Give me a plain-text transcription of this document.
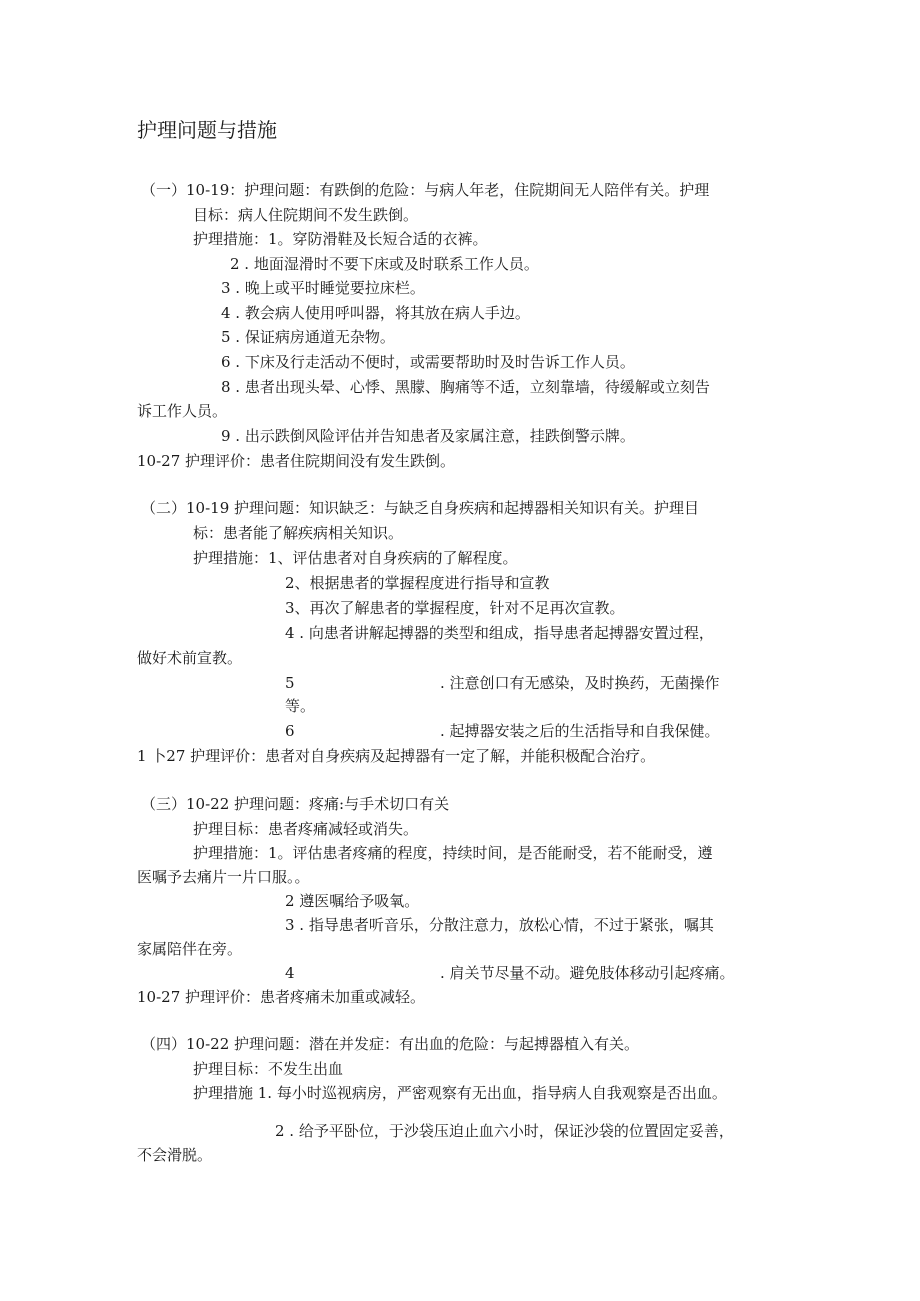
护理问题与措施
（一）10-19：护理问题：有跌倒的危险：与病人年老，住院期间无人陪伴有关。护理
目标：病人住院期间不发生跌倒。
护理措施：1。穿防滑鞋及长短合适的衣裤。
2 . 地面湿滑时不要下床或及时联系工作人员。
3 . 晚上或平时睡觉要拉床栏。
4 . 教会病人使用呼叫器，将其放在病人手边。
5 . 保证病房通道无杂物。
6 . 下床及行走活动不便时，或需要帮助时及时告诉工作人员。
8 . 患者出现头晕、心悸、黑朦、胸痛等不适，立刻靠墙，待缓解或立刻告
诉工作人员。
9 . 出示跌倒风险评估并告知患者及家属注意，挂跌倒警示牌。
10-27 护理评价：患者住院期间没有发生跌倒。
（二）10-19 护理问题：知识缺乏：与缺乏自身疾病和起搏器相关知识有关。护理目
标：患者能了解疾病相关知识。
护理措施：1、评估患者对自身疾病的了解程度。
2、根据患者的掌握程度进行指导和宣教
3、再次了解患者的掌握程度，针对不足再次宣教。
4 . 向患者讲解起搏器的类型和组成，指导患者起搏器安置过程，
做好术前宣教。
5	. 注意创口有无感染，及时换药，无菌操作
等。
6	. 起搏器安装之后的生活指导和自我保健。
1 卜27 护理评价：患者对自身疾病及起搏器有一定了解，并能积极配合治疗。
（三）10-22 护理问题：疼痛:与手术切口有关
护理目标：患者疼痛减轻或消失。
护理措施：1。评估患者疼痛的程度，持续时间，是否能耐受，若不能耐受，遵
医嘱予去痛片一片口服。。
2 遵医嘱给予吸氧。
3 . 指导患者听音乐，分散注意力，放松心情，不过于紧张，嘱其
家属陪伴在旁。
4	. 肩关节尽量不动。避免肢体移动引起疼痛。
10-27 护理评价：患者疼痛未加重或减轻。
（四）10-22 护理问题：潜在并发症：有出血的危险：与起搏器植入有关。
护理目标：不发生出血
护理措施 1. 每小时巡视病房，严密观察有无出血，指导病人自我观察是否出血。
2 . 给予平卧位，于沙袋压迫止血六小时，保证沙袋的位置固定妥善，
不会滑脱。
